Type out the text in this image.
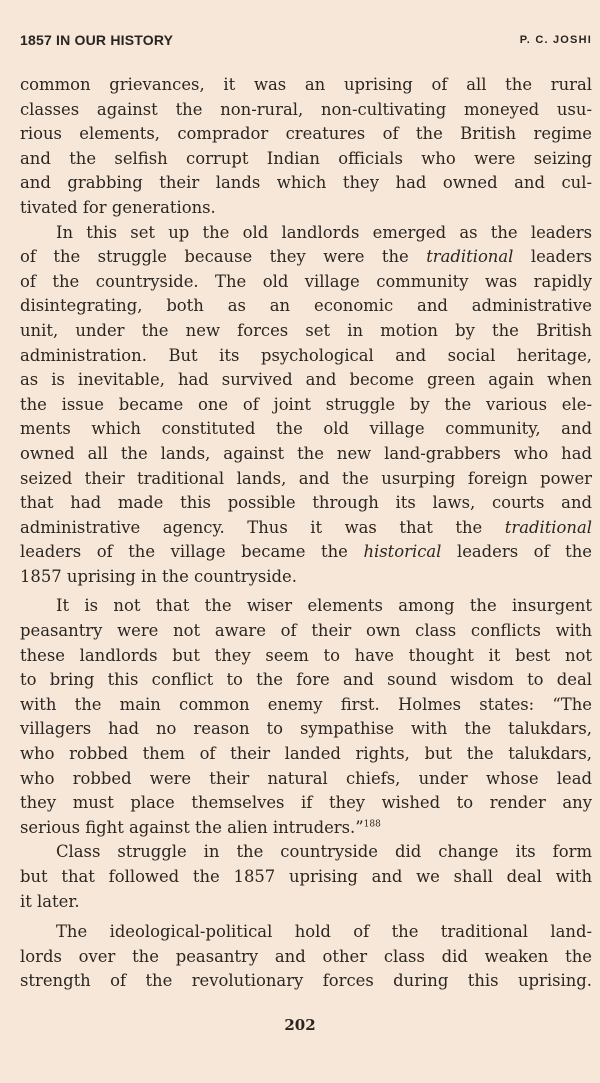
1857 IN OUR HISTORY	P. C. JOSHI

common grievances, it was an uprising of all the rural
classes against the non-rural, non-cultivating moneyed usu-
rious elements, comprador creatures of the British regime
and the selfish corrupt Indian officials who were seizing
and grabbing their lands which they had owned and cul-
tivated for generations.

In this set up the old landlords emerged as the leaders
of the struggle because they were the traditional leaders
of the countryside. The old village community was rapidly
disintegrating, both as an economic and administrative
unit, under the new forces set in motion by the British
administration. But its psychological and social heritage,
as is inevitable, had survived and become green again when
the issue became one of joint struggle by the various ele-
ments which constituted the old village community, and
owned all the lands, against the new land-grabbers who had
seized their traditional lands, and the usurping foreign power
that had made this possible through its laws, courts and
administrative agency. Thus it was that the traditional
leaders of the village became the historical leaders of the
1857 uprising in the countryside.

It is not that the wiser elements among the insurgent
peasantry were not aware of their own class conflicts with
these landlords but they seem to have thought it best not
to bring this conflict to the fore and sound wisdom to deal
with the main common enemy first. Holmes states: “The
villagers had no reason to sympathise with the talukdars,
who robbed them of their landed rights, but the talukdars,
who robbed were their natural chiefs, under whose lead
they must place themselves if they wished to render any
serious fight against the alien intruders.”$^{188}$

Class struggle in the countryside did change its form
but that followed the 1857 uprising and we shall deal with
it later.

The ideological-political hold of the traditional land-
lords over the peasantry and other class did weaken the
strength of the revolutionary forces during this uprising.

202
